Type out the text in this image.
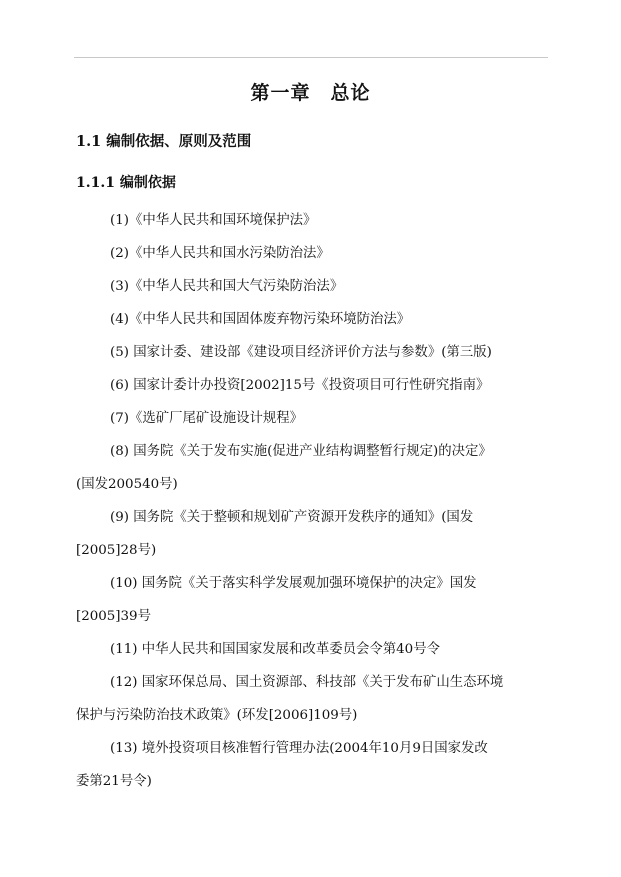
第一章　总论
1.1 编制依据、原则及范围
1.1.1 编制依据
(1)《中华人民共和国环境保护法》
(2)《中华人民共和国水污染防治法》
(3)《中华人民共和国大气污染防治法》
(4)《中华人民共和国固体废弃物污染环境防治法》
(5) 国家计委、建设部《建设项目经济评价方法与参数》(第三版)
(6) 国家计委计办投资[2002]15号《投资项目可行性研究指南》
(7)《选矿厂尾矿设施设计规程》
(8) 国务院《关于发布实施(促进产业结构调整暂行规定)的决定》
(国发200540号)
(9) 国务院《关于整顿和规划矿产资源开发秩序的通知》(国发
[2005]28号)
(10) 国务院《关于落实科学发展观加强环境保护的决定》国发
[2005]39号
(11) 中华人民共和国国家发展和改革委员会令第40号令
(12) 国家环保总局、国土资源部、科技部《关于发布矿山生态环境
保护与污染防治技术政策》(环发[2006]109号)
(13) 境外投资项目核准暂行管理办法(2004年10月9日国家发改
委第21号令)
